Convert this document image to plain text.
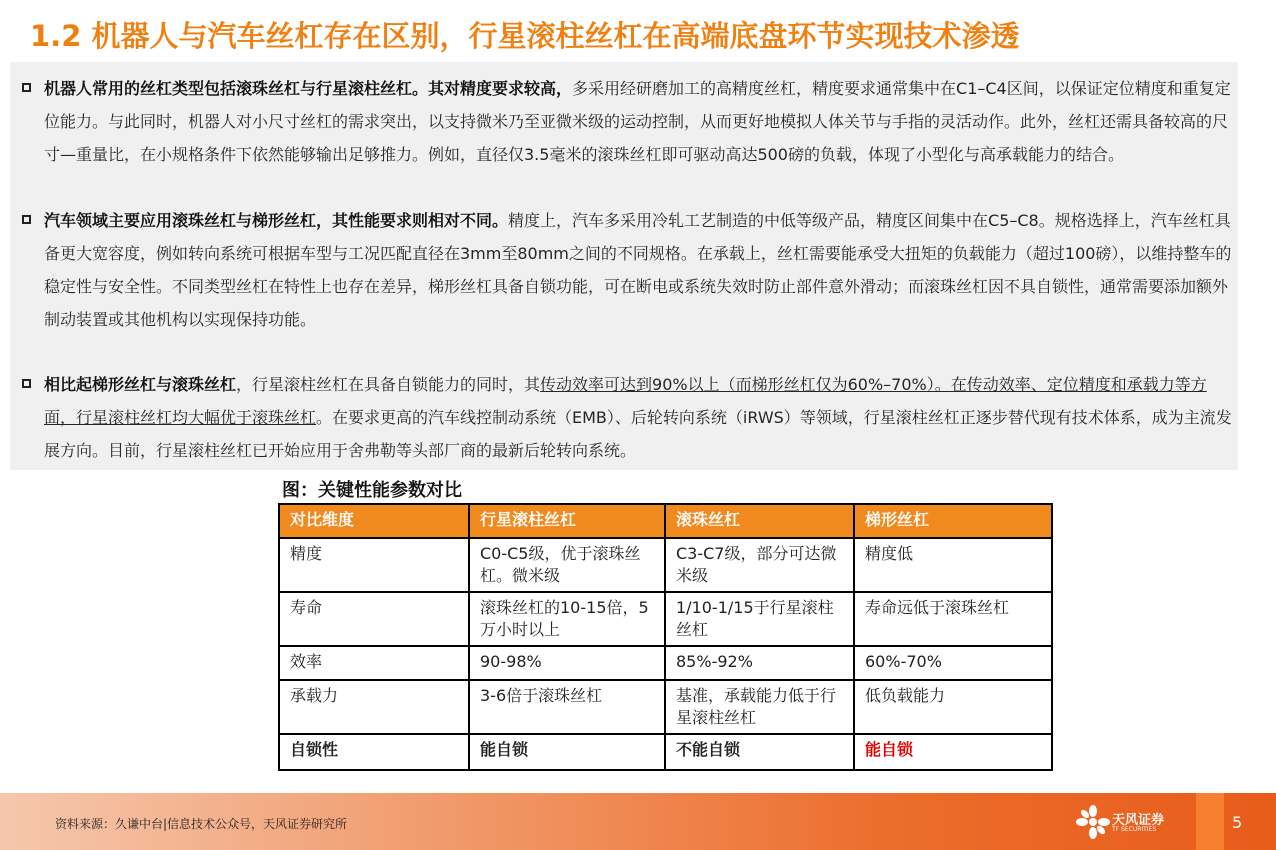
1.2 机器人与汽车丝杠存在区别，行星滚柱丝杠在高端底盘环节实现技术渗透
机器人常用的丝杠类型包括滚珠丝杠与行星滚柱丝杠。其对精度要求较高，多采用经研磨加工的高精度丝杠，精度要求通常集中在C1–C4区间，以保证定位精度和重复定位能力。与此同时，机器人对小尺寸丝杠的需求突出，以支持微米乃至亚微米级的运动控制，从而更好地模拟人体关节与手指的灵活动作。此外，丝杠还需具备较高的尺寸—重量比，在小规格条件下依然能够输出足够推力。例如，直径仅3.5毫米的滚珠丝杠即可驱动高达500磅的负载，体现了小型化与高承载能力的结合。
汽车领域主要应用滚珠丝杠与梯形丝杠，其性能要求则相对不同。精度上，汽车多采用冷轧工艺制造的中低等级产品，精度区间集中在C5–C8。规格选择上，汽车丝杠具备更大宽容度，例如转向系统可根据车型与工况匹配直径在3mm至80mm之间的不同规格。在承载上，丝杠需要能承受大扭矩的负载能力（超过100磅），以维持整车的稳定性与安全性。不同类型丝杠在特性上也存在差异，梯形丝杠具备自锁功能，可在断电或系统失效时防止部件意外滑动；而滚珠丝杠因不具自锁性，通常需要添加额外制动装置或其他机构以实现保持功能。
相比起梯形丝杠与滚珠丝杠，行星滚柱丝杠在具备自锁能力的同时，其传动效率可达到90%以上（而梯形丝杠仅为60%–70%）。在传动效率、定位精度和承载力等方面，行星滚柱丝杠均大幅优于滚珠丝杠。在要求更高的汽车线控制动系统（EMB）、后轮转向系统（iRWS）等领域，行星滚柱丝杠正逐步替代现有技术体系，成为主流发展方向。目前，行星滚柱丝杠已开始应用于舍弗勒等头部厂商的最新后轮转向系统。
图：关键性能参数对比
对比维度	行星滚柱丝杠	滚珠丝杠	梯形丝杠
精度	C0-C5级，优于滚珠丝杠。微米级	C3-C7级，部分可达微米级	精度低
寿命	滚珠丝杠的10-15倍，5万小时以上	1/10-1/15于行星滚柱丝杠	寿命远低于滚珠丝杠
效率	90-98%	85%-92%	60%-70%
承载力	3-6倍于滚珠丝杠	基准，承载能力低于行星滚柱丝杠	低负载能力
自锁性	能自锁	不能自锁	能自锁
资料来源：久谦中台|信息技术公众号，天风证券研究所	天风证券
TF SECURITIES	5
